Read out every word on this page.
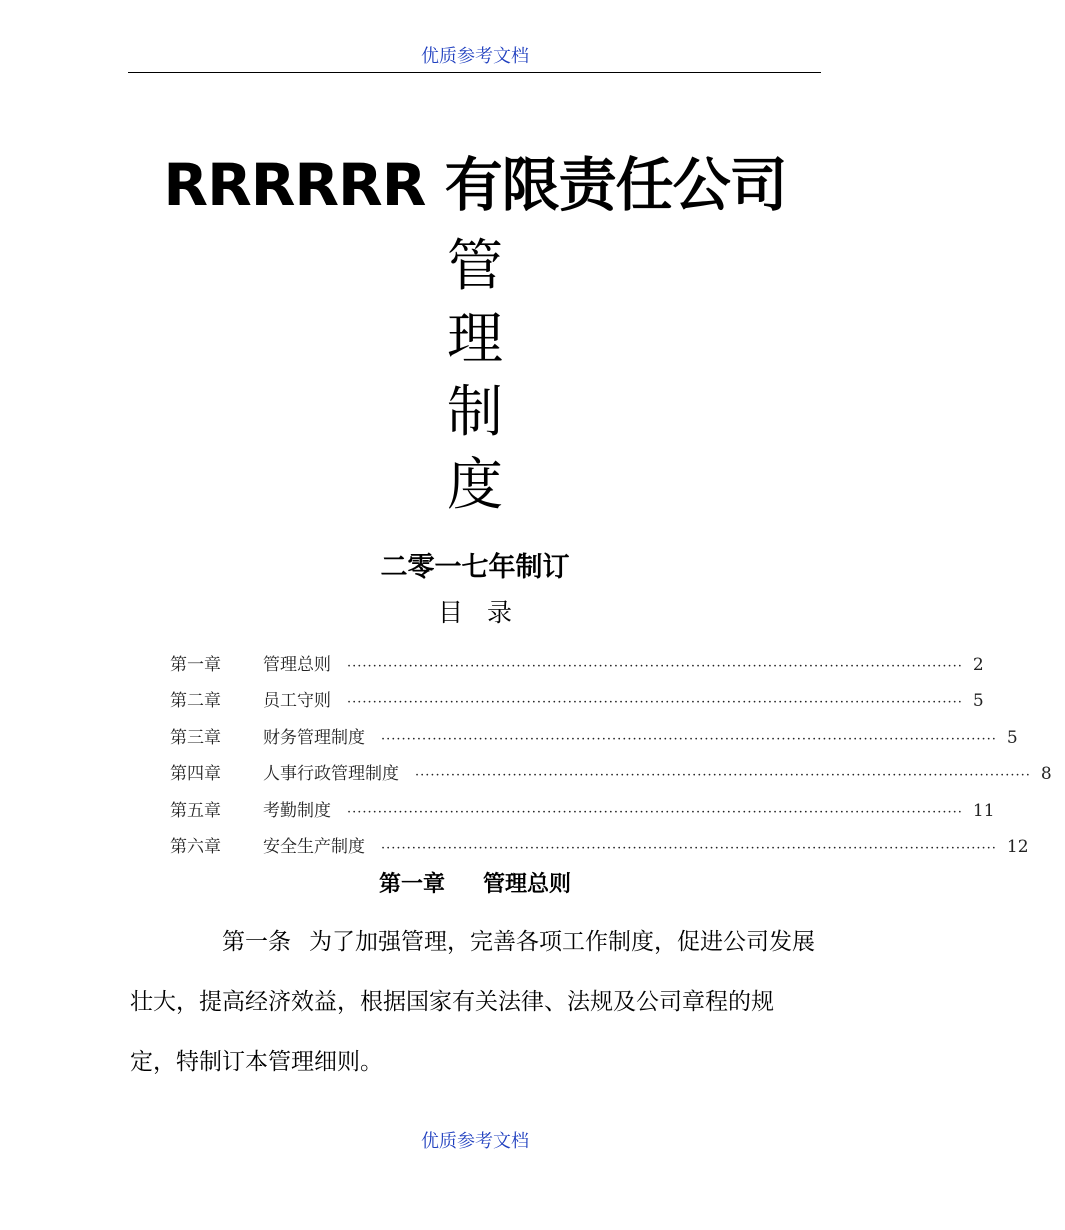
优质参考文档
RRRRRR 有限责任公司
管
理
制
度
二零一七年制订
目录
第一章	管理总则	························································································································ 2
第二章	员工守则	························································································································ 5
第三章	财务管理制度	························································································································ 5
第四章	人事行政管理制度	························································································································ 8
第五章	考勤制度	························································································································ 11
第六章	安全生产制度	························································································································ 12
第一章 管理总则
第一条 为了加强管理，完善各项工作制度，促进公司发展壮大，提高经济效益，根据国家有关法律、法规及公司章程的规定，特制订本管理细则。
优质参考文档
